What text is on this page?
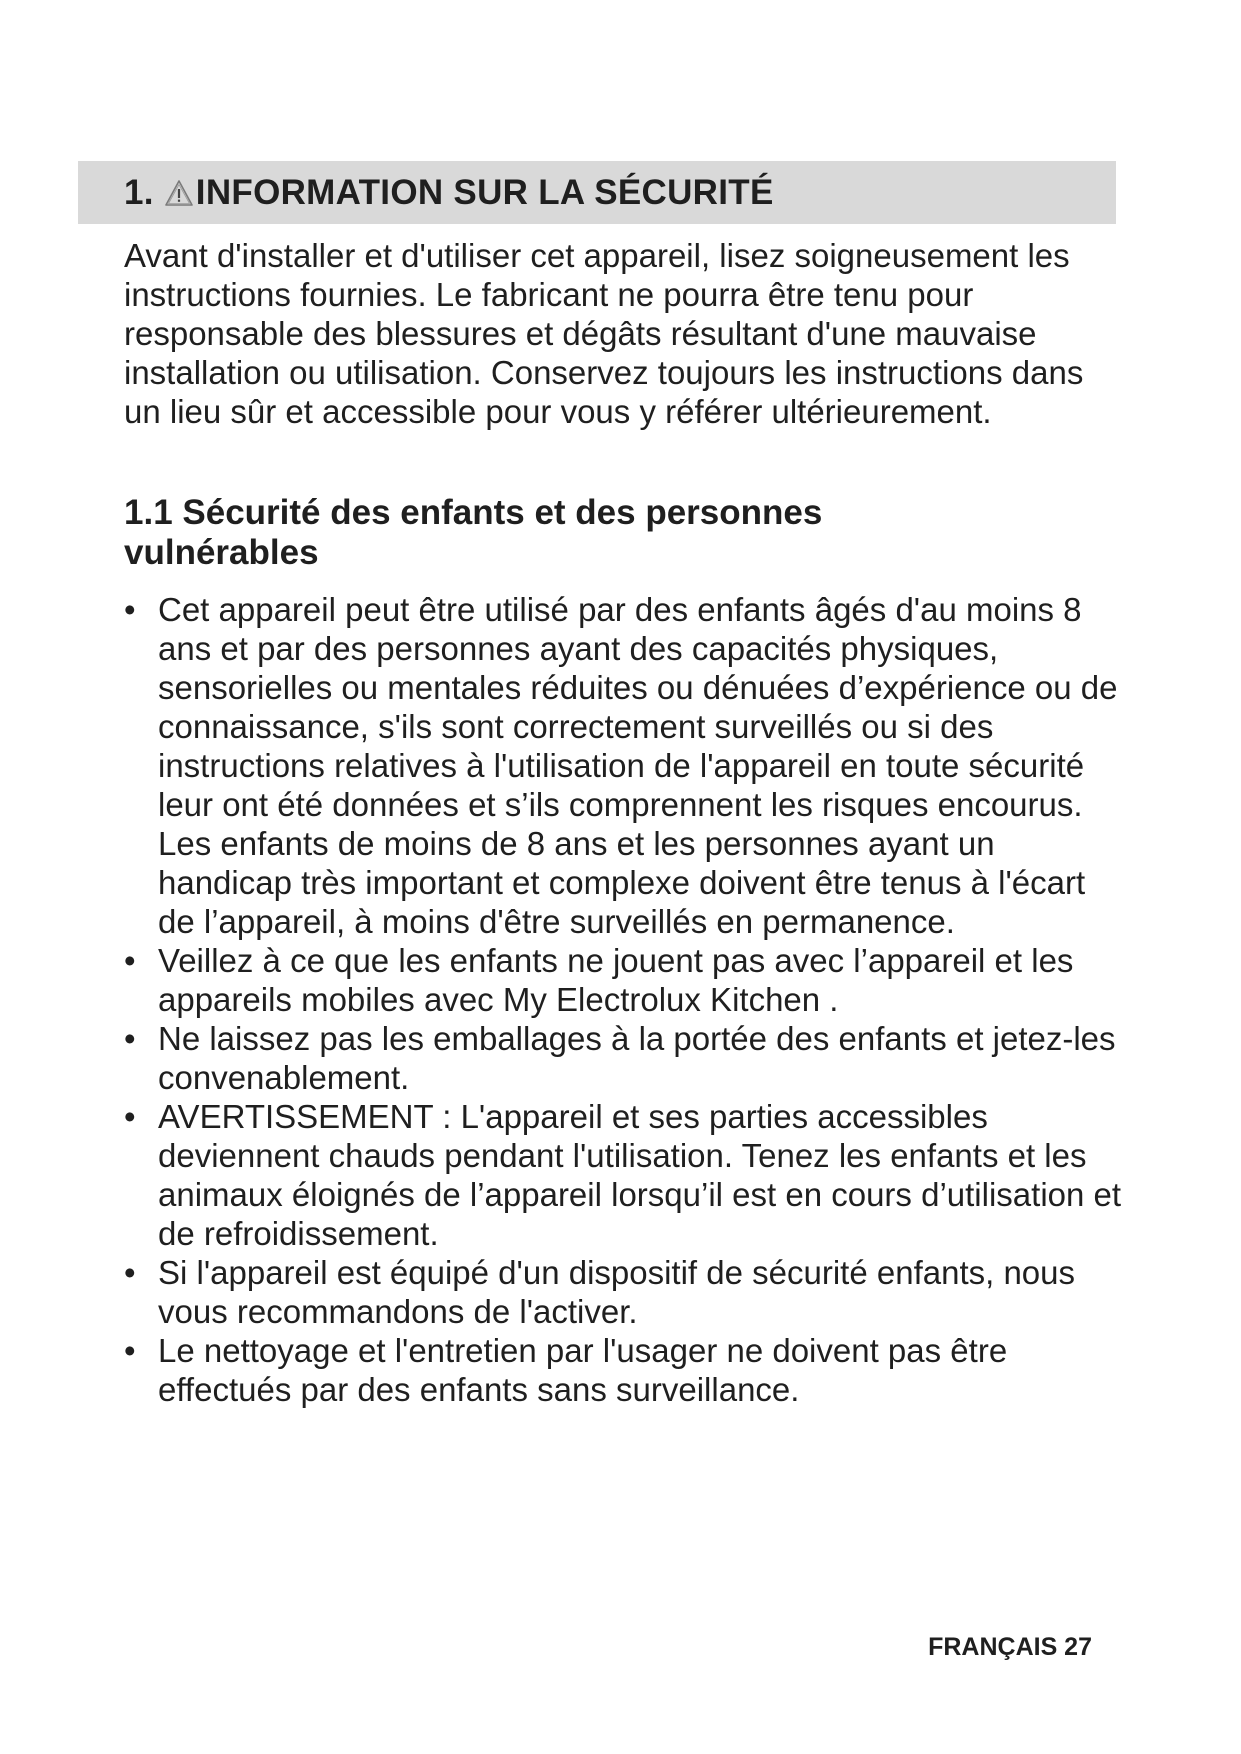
1. INFORMATION SUR LA SÉCURITÉ

Avant d'installer et d'utiliser cet appareil, lisez soigneusement les instructions fournies. Le fabricant ne pourra être tenu pour responsable des blessures et dégâts résultant d'une mauvaise installation ou utilisation. Conservez toujours les instructions dans un lieu sûr et accessible pour vous y référer ultérieurement.

1.1 Sécurité des enfants et des personnes vulnérables
• Cet appareil peut être utilisé par des enfants âgés d'au moins 8 ans et par des personnes ayant des capacités physiques, sensorielles ou mentales réduites ou dénuées d’expérience ou de connaissance, s'ils sont correctement surveillés ou si des instructions relatives à l'utilisation de l'appareil en toute sécurité leur ont été données et s’ils comprennent les risques encourus. Les enfants de moins de 8 ans et les personnes ayant un handicap très important et complexe doivent être tenus à l'écart de l’appareil, à moins d'être surveillés en permanence.
• Veillez à ce que les enfants ne jouent pas avec l’appareil et les appareils mobiles avec My Electrolux Kitchen .
• Ne laissez pas les emballages à la portée des enfants et jetez-les convenablement.
• AVERTISSEMENT : L'appareil et ses parties accessibles deviennent chauds pendant l'utilisation. Tenez les enfants et les animaux éloignés de l’appareil lorsqu’il est en cours d’utilisation et de refroidissement.
• Si l'appareil est équipé d'un dispositif de sécurité enfants, nous vous recommandons de l'activer.
• Le nettoyage et l'entretien par l'usager ne doivent pas être effectués par des enfants sans surveillance.
FRANÇAIS 27
